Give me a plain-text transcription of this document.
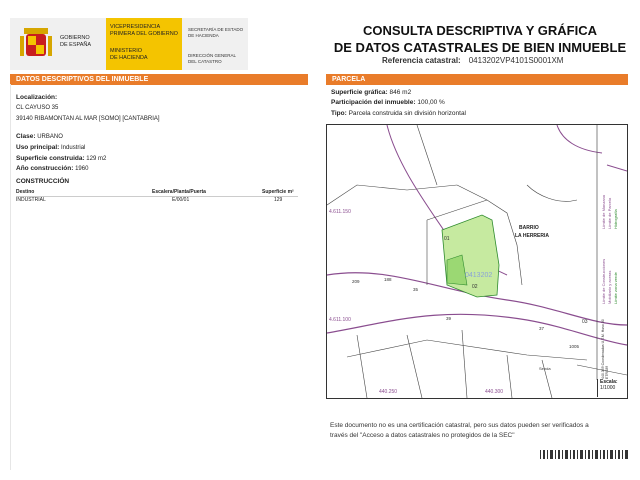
GOBIERNO
DE ESPAÑA
VICEPRESIDENCIA
PRIMERA DEL GOBIERNO
MINISTERIO
DE HACIENDA
SECRETARÍA DE ESTADO
DE HACIENDA
DIRECCIÓN GENERAL
DEL CATASTRO
CONSULTA DESCRIPTIVA Y GRÁFICA
DE DATOS CATASTRALES DE BIEN INMUEBLE
Referencia catastral: 0413202VP4101S0001XM
DATOS DESCRIPTIVOS DEL INMUEBLE
Localización:
CL CAYUSO 35
39140 RIBAMONTAN AL MAR [SOMO] [CANTABRIA]
Clase: URBANO
Uso principal: Industrial
Superficie construida: 129 m2
Año construcción: 1960
CONSTRUCCIÓN
Destino	Escalera/Planta/Puerta	Superficie m²
INDUSTRIAL	E/00/01	129
PARCELA
Superficie gráfica: 846 m2
Participación del inmueble: 100,00 %
Tipo: Parcela construida sin división horizontal
4.611.150
4.611.100
440.250	440.300
BARRIO
LA HERRERIA
0413202
01
02
03
209	188
35
39
37
1005
Senda
Límite de Manzana Límite de Parcela Hidrografía
Límite de Construcciones Mobiliario y aceras Límite zona verde
440.369 Coordenadas U.T.M. Huso 30 ETRS89
Escala:
1/1000
Este documento no es una certificación catastral, pero sus datos pueden ser verificados a
través del "Acceso a datos catastrales no protegidos de la SEC"
